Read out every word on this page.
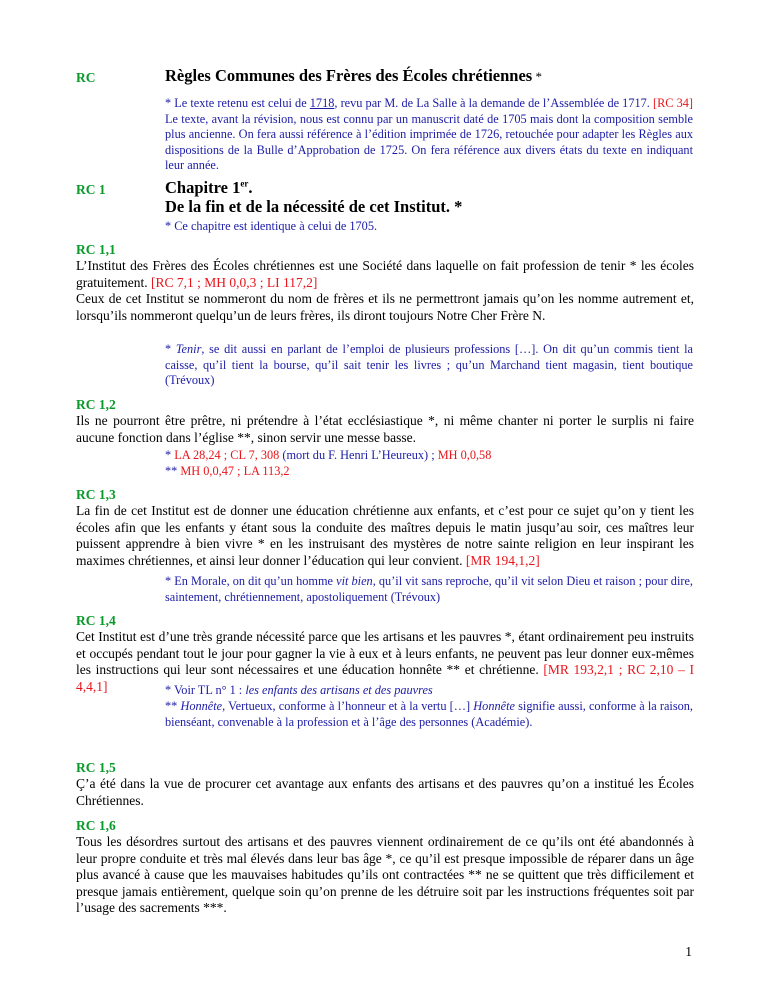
RC	Règles Communes des Frères des Écoles chrétiennes *
* Le texte retenu est celui de 1718, revu par M. de La Salle à la demande de l’Assemblée de 1717. [RC 34] Le texte, avant la révision, nous est connu par un manuscrit daté de 1705 mais dont la composition semble plus ancienne. On fera aussi référence à l’édition imprimée de 1726, retouchée pour adapter les Règles aux dispositions de la Bulle d’Approbation de 1725. On fera référence aux divers états du texte en indiquant leur année.
RC 1	Chapitre 1er.
De la fin et de la nécessité de cet Institut. *
* Ce chapitre est identique à celui de 1705.
RC 1,1
L’Institut des Frères des Écoles chrétiennes est une Société dans laquelle on fait profession de tenir * les écoles gratuitement. [RC 7,1 ; MH 0,0,3 ; LI 117,2]
Ceux de cet Institut se nommeront du nom de frères et ils ne permettront jamais qu’on les nomme autrement et, lorsqu’ils nommeront quelqu’un de leurs frères, ils diront toujours Notre Cher Frère N.
* Tenir, se dit aussi en parlant de l’emploi de plusieurs professions […]. On dit qu’un commis tient la caisse, qu’il tient la bourse, qu’il sait tenir les livres ; qu’un Marchand tient magasin, tient boutique (Trévoux)
RC 1,2
Ils ne pourront être prêtre, ni prétendre à l’état ecclésiastique *, ni même chanter ni porter le surplis ni faire aucune fonction dans l’église **, sinon servir une messe basse.
* LA 28,24 ; CL 7, 308 (mort du F. Henri L’Heureux) ; MH 0,0,58
** MH 0,0,47 ; LA 113,2
RC 1,3
La fin de cet Institut est de donner une éducation chrétienne aux enfants, et c’est pour ce sujet qu’on y tient les écoles afin que les enfants y étant sous la conduite des maîtres depuis le matin jusqu’au soir, ces maîtres leur puissent apprendre à bien vivre * en les instruisant des mystères de notre sainte religion en leur inspirant les maximes chrétiennes, et ainsi leur donner l’éducation qui leur convient. [MR 194,1,2]
* En Morale, on dit qu’un homme vit bien, qu’il vit sans reproche, qu’il vit selon Dieu et raison ; pour dire, saintement, chrétiennement, apostoliquement (Trévoux)
RC 1,4
Cet Institut est d’une très grande nécessité parce que les artisans et les pauvres *, étant ordinairement peu instruits et occupés pendant tout le jour pour gagner la vie à eux et à leurs enfants, ne peuvent pas leur donner eux-mêmes les instructions qui leur sont nécessaires et une éducation honnête ** et chrétienne. [MR 193,2,1 ; RC 2,10 – I 4,4,1]	* Voir TL n° 1 : les enfants des artisans et des pauvres
** Honnête, Vertueux, conforme à l’honneur et à la vertu […] Honnête signifie aussi, conforme à la raison, bienséant, convenable à la profession et à l’âge des personnes (Académie).
RC 1,5
Ç’a été dans la vue de procurer cet avantage aux enfants des artisans et des pauvres qu’on a institué les Écoles Chrétiennes.
RC 1,6
Tous les désordres surtout des artisans et des pauvres viennent ordinairement de ce qu’ils ont été abandonnés à leur propre conduite et très mal élevés dans leur bas âge *, ce qu’il est presque impossible de réparer dans un âge plus avancé à cause que les mauvaises habitudes qu’ils ont contractées ** ne se quittent que très difficilement et presque jamais entièrement, quelque soin qu’on prenne de les détruire soit par les instructions fréquentes soit par l’usage des sacrements ***.
1
